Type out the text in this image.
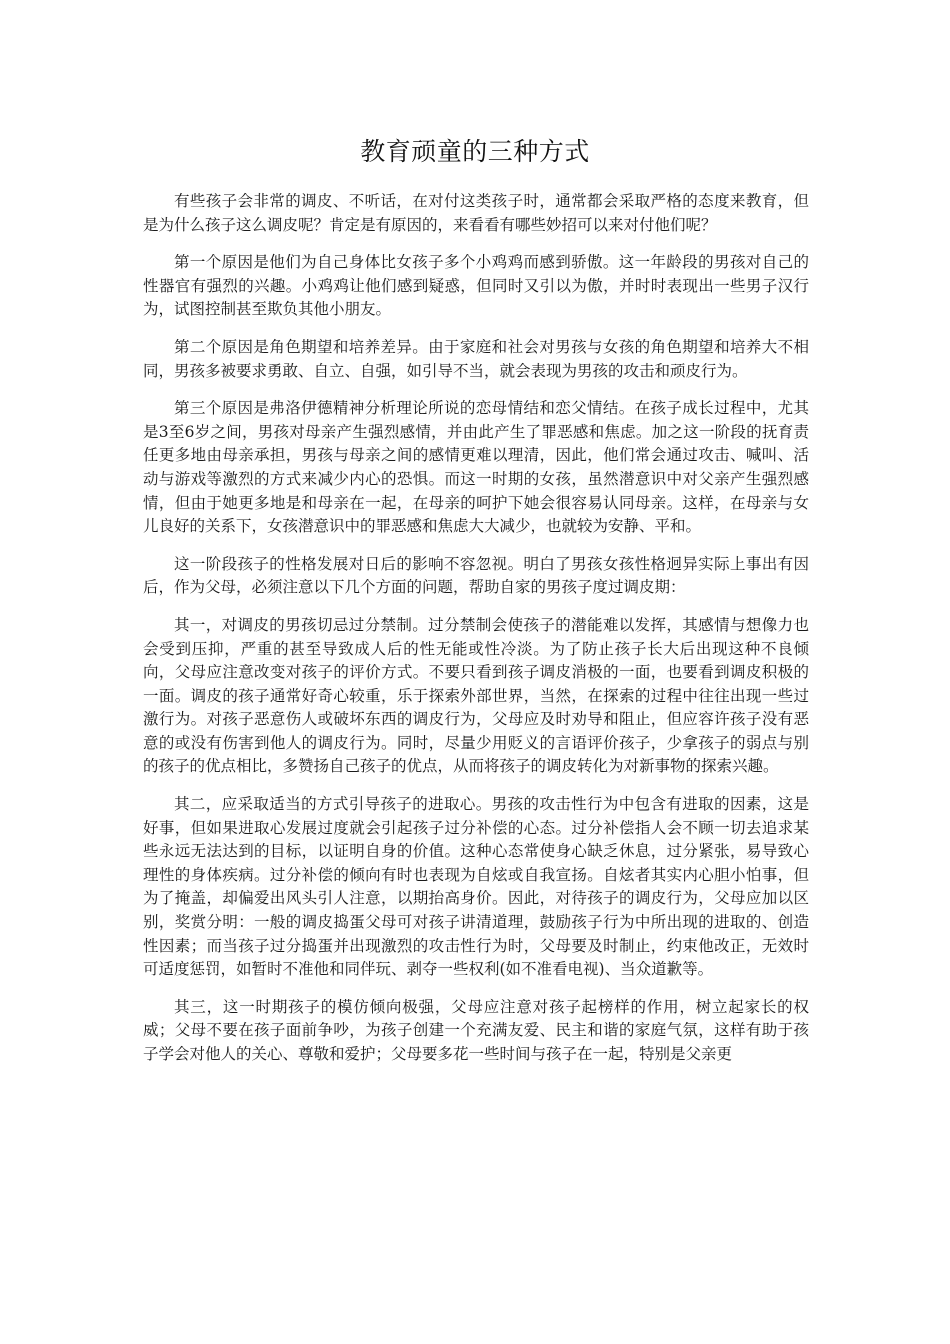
教育顽童的三种方式

有些孩子会非常的调皮、不听话，在对付这类孩子时，通常都会采取严格的态度来教育，但是为什么孩子这么调皮呢？肯定是有原因的，来看看有哪些妙招可以来对付他们呢？

第一个原因是他们为自己身体比女孩子多个小鸡鸡而感到骄傲。这一年龄段的男孩对自己的性器官有强烈的兴趣。小鸡鸡让他们感到疑惑，但同时又引以为傲，并时时表现出一些男子汉行为，试图控制甚至欺负其他小朋友。

第二个原因是角色期望和培养差异。由于家庭和社会对男孩与女孩的角色期望和培养大不相同，男孩多被要求勇敢、自立、自强，如引导不当，就会表现为男孩的攻击和顽皮行为。

第三个原因是弗洛伊德精神分析理论所说的恋母情结和恋父情结。在孩子成长过程中，尤其是3至6岁之间，男孩对母亲产生强烈感情，并由此产生了罪恶感和焦虑。加之这一阶段的抚育责任更多地由母亲承担，男孩与母亲之间的感情更难以理清，因此，他们常会通过攻击、喊叫、活动与游戏等激烈的方式来减少内心的恐惧。而这一时期的女孩，虽然潜意识中对父亲产生强烈感情，但由于她更多地是和母亲在一起，在母亲的呵护下她会很容易认同母亲。这样，在母亲与女儿良好的关系下，女孩潜意识中的罪恶感和焦虑大大减少，也就较为安静、平和。

这一阶段孩子的性格发展对日后的影响不容忽视。明白了男孩女孩性格迥异实际上事出有因后，作为父母，必须注意以下几个方面的问题，帮助自家的男孩子度过调皮期：

其一，对调皮的男孩切忌过分禁制。过分禁制会使孩子的潜能难以发挥，其感情与想像力也会受到压抑，严重的甚至导致成人后的性无能或性冷淡。为了防止孩子长大后出现这种不良倾向，父母应注意改变对孩子的评价方式。不要只看到孩子调皮消极的一面，也要看到调皮积极的一面。调皮的孩子通常好奇心较重，乐于探索外部世界，当然，在探索的过程中往往出现一些过激行为。对孩子恶意伤人或破坏东西的调皮行为，父母应及时劝导和阻止，但应容许孩子没有恶意的或没有伤害到他人的调皮行为。同时，尽量少用贬义的言语评价孩子，少拿孩子的弱点与别的孩子的优点相比，多赞扬自己孩子的优点，从而将孩子的调皮转化为对新事物的探索兴趣。

其二，应采取适当的方式引导孩子的进取心。男孩的攻击性行为中包含有进取的因素，这是好事，但如果进取心发展过度就会引起孩子过分补偿的心态。过分补偿指人会不顾一切去追求某些永远无法达到的目标，以证明自身的价值。这种心态常使身心缺乏休息，过分紧张，易导致心理性的身体疾病。过分补偿的倾向有时也表现为自炫或自我宣扬。自炫者其实内心胆小怕事，但为了掩盖，却偏爱出风头引人注意，以期抬高身价。因此，对待孩子的调皮行为，父母应加以区别，奖赏分明：一般的调皮捣蛋父母可对孩子讲清道理，鼓励孩子行为中所出现的进取的、创造性因素；而当孩子过分捣蛋并出现激烈的攻击性行为时，父母要及时制止，约束他改正，无效时可适度惩罚，如暂时不准他和同伴玩、剥夺一些权利(如不准看电视)、当众道歉等。

其三，这一时期孩子的模仿倾向极强，父母应注意对孩子起榜样的作用，树立起家长的权威；父母不要在孩子面前争吵，为孩子创建一个充满友爱、民主和谐的家庭气氛，这样有助于孩子学会对他人的关心、尊敬和爱护；父母要多花一些时间与孩子在一起，特别是父亲更
